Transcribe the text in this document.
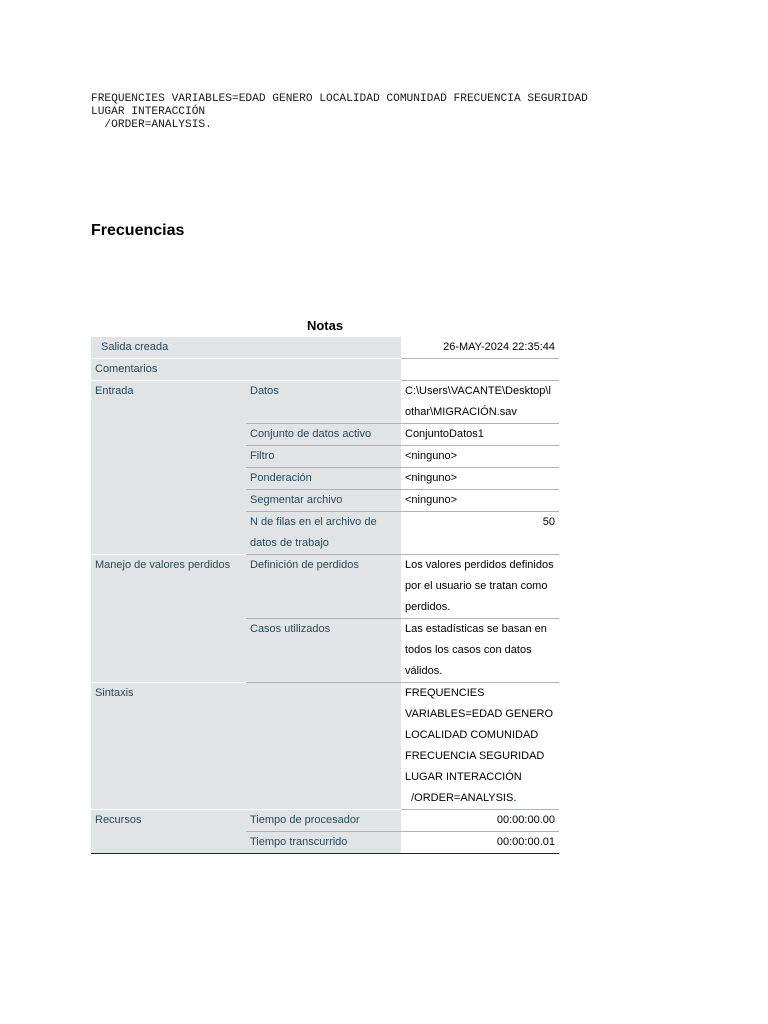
FREQUENCIES VARIABLES=EDAD GENERO LOCALIDAD COMUNIDAD FRECUENCIA SEGURIDAD
LUGAR INTERACCIÓN
/ORDER=ANALYSIS.
Frecuencias
Notas
Salida creada		26-MAY-2024 22:35:44
Comentarios		
Entrada	Datos	C:\Users\VACANTE\Desktop\lothar\MIGRACIÓN.sav
	Conjunto de datos activo	ConjuntoDatos1
	Filtro	<ninguno>
	Ponderación	<ninguno>
	Segmentar archivo	<ninguno>
	N de filas en el archivo de datos de trabajo	50
Manejo de valores perdidos	Definición de perdidos	Los valores perdidos definidos por el usuario se tratan como perdidos.
	Casos utilizados	Las estadísticas se basan en todos los casos con datos válidos.
Sintaxis		FREQUENCIES VARIABLES=EDAD GENERO LOCALIDAD COMUNIDAD FRECUENCIA SEGURIDAD LUGAR INTERACCIÓN
/ORDER=ANALYSIS.
Recursos	Tiempo de procesador	00:00:00.00
	Tiempo transcurrido	00:00:00.01
